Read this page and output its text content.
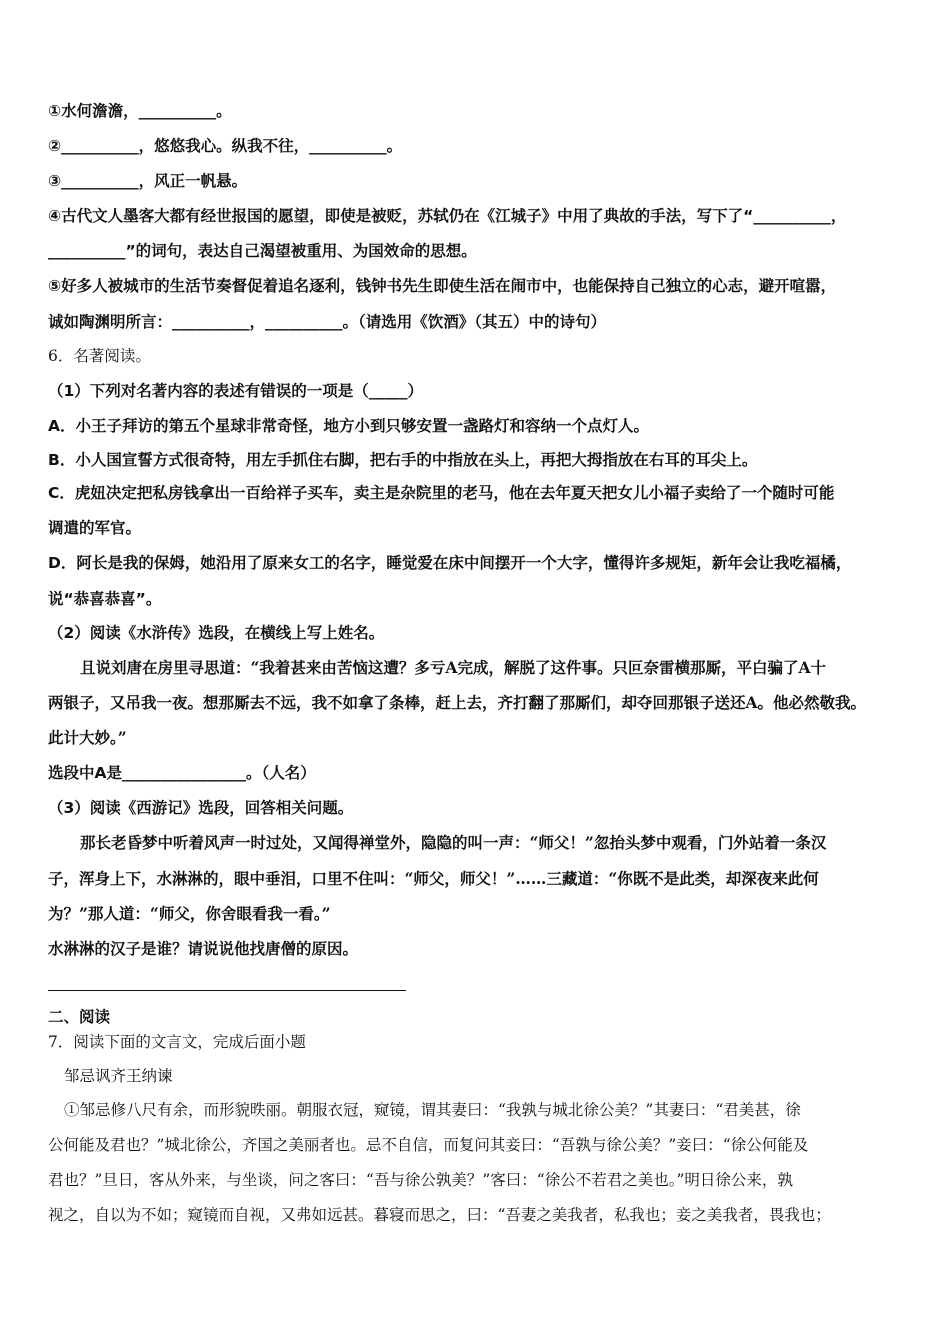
①水何澹澹，__________。
②__________，悠悠我心。纵我不往，__________。
③__________，风正一帆悬。
④古代文人墨客大都有经世报国的愿望，即使是被贬，苏轼仍在《江城子》中用了典故的手法，写下了“__________，
__________”的词句，表达自己渴望被重用、为国效命的思想。
⑤好多人被城市的生活节奏督促着追名逐利，钱钟书先生即使生活在闹市中，也能保持自己独立的心志，避开喧嚣，
诚如陶渊明所言：__________，__________。（请选用《饮酒》（其五）中的诗句）
6．名著阅读。
（1）下列对名著内容的表述有错误的一项是（_____）
A．小王子拜访的第五个星球非常奇怪，地方小到只够安置一盏路灯和容纳一个点灯人。
B．小人国宣誓方式很奇特，用左手抓住右脚，把右手的中指放在头上，再把大拇指放在右耳的耳尖上。
C．虎妞决定把私房钱拿出一百给祥子买车，卖主是杂院里的老马，他在去年夏天把女儿小福子卖给了一个随时可能
调遣的军官。
D．阿长是我的保姆，她沿用了原来女工的名字，睡觉爱在床中间摆开一个大字，懂得许多规矩，新年会让我吃福橘，
说“恭喜恭喜”。
（2）阅读《水浒传》选段，在横线上写上姓名。
且说刘唐在房里寻思道：“我着甚来由苦恼这遭？多亏A完成，解脱了这件事。只叵奈雷横那厮，平白骗了A十
两银子，又吊我一夜。想那厮去不远，我不如拿了条棒，赶上去，齐打翻了那厮们，却夺回那银子送还A。他必然敬我。
此计大妙。”
选段中A是________________。（人名）
（3）阅读《西游记》选段，回答相关问题。
那长老昏梦中听着风声一时过处，又闻得禅堂外，隐隐的叫一声：“师父！”忽抬头梦中观看，门外站着一条汉
子，浑身上下，水淋淋的，眼中垂泪，口里不住叫：“师父，师父！”……三藏道：“你既不是此类，却深夜来此何
为？”那人道：“师父，你舍眼看我一看。”
水淋淋的汉子是谁？请说说他找唐僧的原因。
二、阅读
7．阅读下面的文言文，完成后面小题
邹忌讽齐王纳谏
①邹忌修八尺有余，而形貌昳丽。朝服衣冠，窥镜，谓其妻曰：“我孰与城北徐公美？”其妻曰：“君美甚，徐
公何能及君也？”城北徐公，齐国之美丽者也。忌不自信，而复问其妾曰：“吾孰与徐公美？”妾曰：“徐公何能及
君也？”旦日，客从外来，与坐谈，问之客曰：“吾与徐公孰美？”客曰：“徐公不若君之美也。”明日徐公来，孰
视之，自以为不如；窥镜而自视，又弗如远甚。暮寝而思之，曰：“吾妻之美我者，私我也；妾之美我者，畏我也；
